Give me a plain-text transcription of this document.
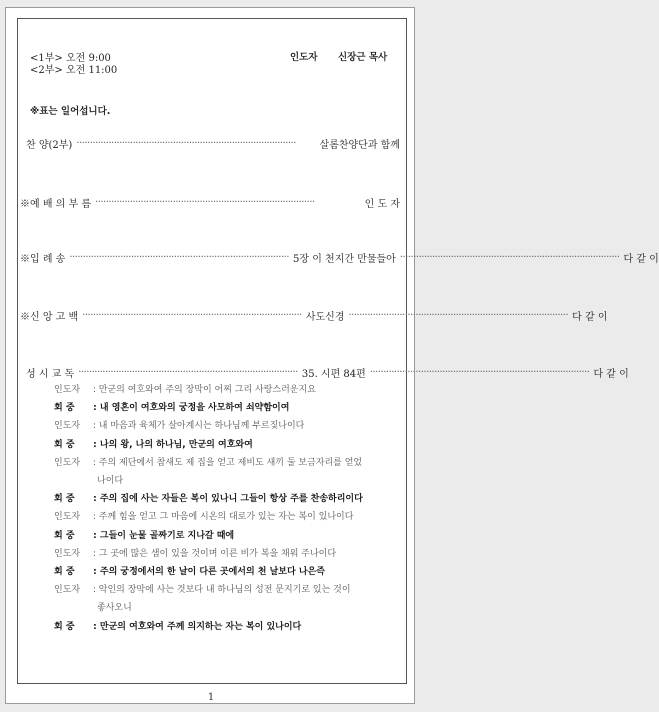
<1부> 오전 9:00
<2부> 오전 11:00
인도자 신장근 목사
※표는 일어섭니다.
찬 양(2부) ··················································································	살롬찬양단과 함께
※예 배 의 부 름 ··················································································	인 도 자
※입 례 송 ·················································································· 5장 이 천지간 만물들아 ·················································································· 다 같 이
※신 앙 고 백 ·················································································· 사도신경 ·················································································· 다 같 이
성 시 교 독 ·················································································· 35. 시편 84편 ·················································································· 다 같 이
인도자 : 만군의 여호와여 주의 장막이 어찌 그리 사랑스러운지요
회 중 : 내 영혼이 여호와의 궁정을 사모하여 쇠약함이여
인도자 : 내 마음과 육체가 살아계시는 하나님께 부르짖나이다
회 중 : 나의 왕, 나의 하나님, 만군의 여호와여
인도자 : 주의 제단에서 참새도 제 집을 얻고 제비도 새끼 둘 보금자리를 얻었
나이다
회 중 : 주의 집에 사는 자들은 복이 있나니 그들이 항상 주를 찬송하리이다
인도자 : 주께 힘을 얻고 그 마음에 시온의 대로가 있는 자는 복이 있나이다
회 중 : 그들이 눈물 골짜기로 지나갈 때에
인도자 : 그 곳에 많은 샘이 있을 것이며 이른 비가 복을 채워 주나이다
회 중 : 주의 궁정에서의 한 날이 다른 곳에서의 천 날보다 나은즉
인도자 : 악인의 장막에 사는 것보다 내 하나님의 성전 문지기로 있는 것이
좋사오니
회 중 : 만군의 여호와여 주께 의지하는 자는 복이 있나이다
1
